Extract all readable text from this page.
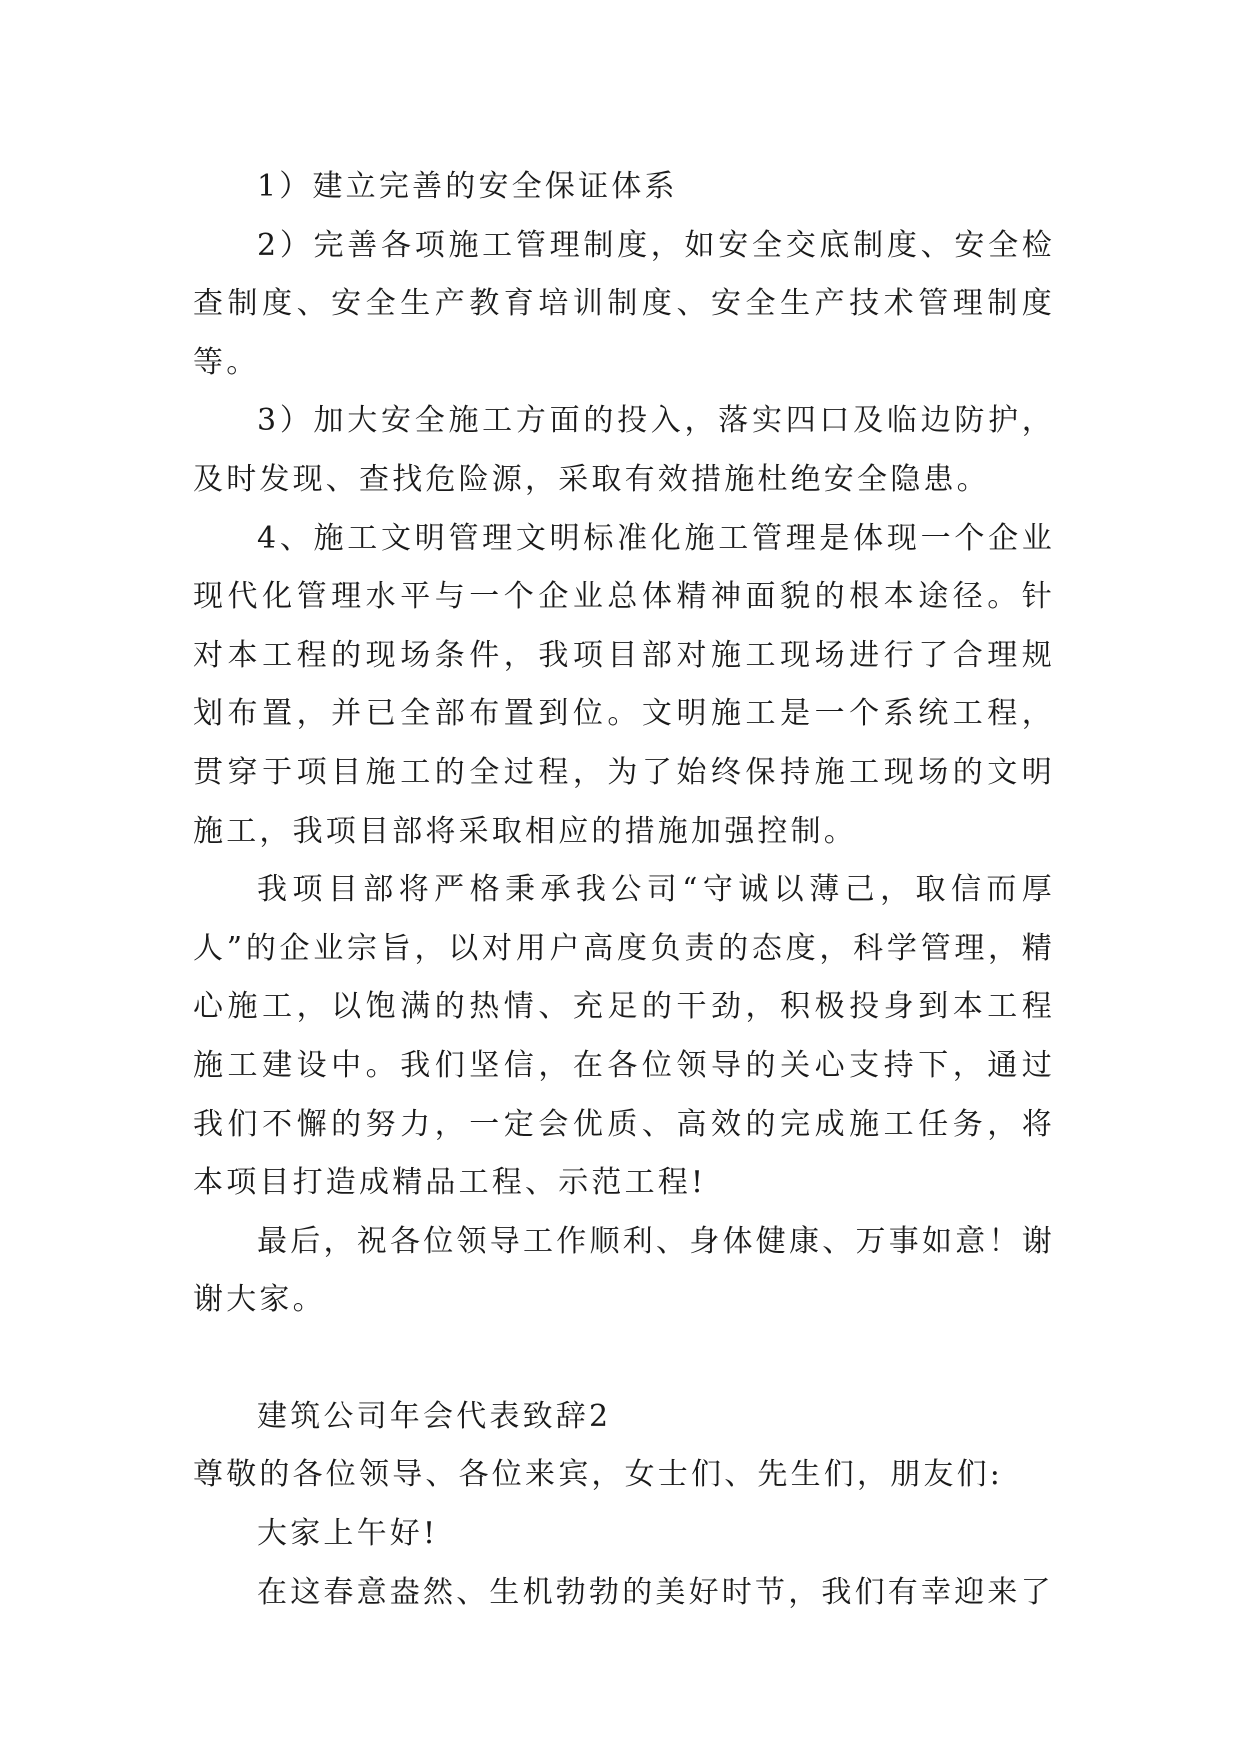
1）建立完善的安全保证体系

2）完善各项施工管理制度，如安全交底制度、安全检查制度、安全生产教育培训制度、安全生产技术管理制度等。

3）加大安全施工方面的投入，落实四口及临边防护，及时发现、查找危险源，采取有效措施杜绝安全隐患。

4、施工文明管理文明标准化施工管理是体现一个企业现代化管理水平与一个企业总体精神面貌的根本途径。针对本工程的现场条件，我项目部对施工现场进行了合理规划布置，并已全部布置到位。文明施工是一个系统工程，贯穿于项目施工的全过程，为了始终保持施工现场的文明施工，我项目部将采取相应的措施加强控制。

我项目部将严格秉承我公司“守诚以薄己，取信而厚人”的企业宗旨，以对用户高度负责的态度，科学管理，精心施工，以饱满的热情、充足的干劲，积极投身到本工程施工建设中。我们坚信，在各位领导的关心支持下，通过我们不懈的努力，一定会优质、高效的完成施工任务，将本项目打造成精品工程、示范工程!

最后，祝各位领导工作顺利、身体健康、万事如意！谢谢大家。

建筑公司年会代表致辞2

尊敬的各位领导、各位来宾，女士们、先生们，朋友们:

大家上午好!

在这春意盎然、生机勃勃的美好时节，我们有幸迎来了
